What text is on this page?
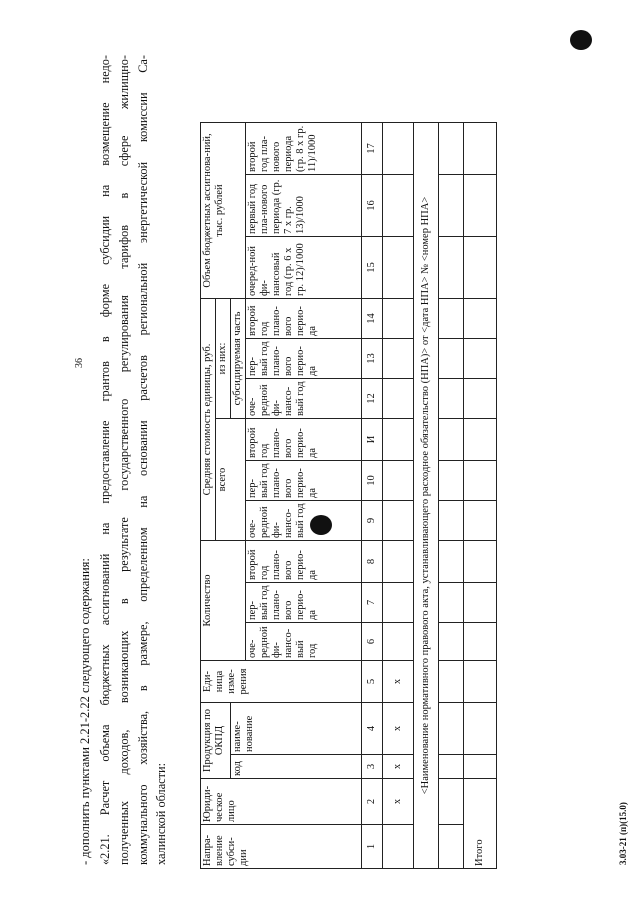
36
- дополнить пунктами 2.21-2.22 следующего содержания: «2.21. Расчет объема бюджетных ассигнований на предоставление грантов в форме субсидии на возмещение недо- полученных доходов, возникающих в результате государственного регулирования тарифов в сфере жилищно- коммунального хозяйства, в размере, определенном на основании расчетов региональной энергетической комиссии Са- халинской области:	Напра-вление субси-дии	Юриди-ческое лицо	Продукция по ОКПД		Еди-ница изме-рения	Количество			Средняя стоимость единицы, руб.						Объем бюджетных ассигнова-ний, тыс. рублей		
								всего			из них:					
		код	наиме-нование								субсидируемая часть					
					оче-редной фи-нансо-вый год	пер-вый год плано-вого перио-да	второй год плано-вого перио-да	оче-редной фи-нансо-вый год	пер-вый год плано-вого перио-да	второй год плано-вого перио-да	оче-редной фи-нансо-вый год	пер-вый год плано-вого перио-да	второй год плано-вого перио-да	очеред-ной фи-нансовый год (гр. 6 x гр. 12)/1000	первый год пла-нового периода (гр. 7 x гр. 13)/1000	второй год пла-нового периода (гр. 8 x гр. 11)/1000
1	2	3	4	5	6	7	8	9	10	И	12	13	14	15	16	17
	х	х	х	х												
<Наименование нормативного правового акта, устанавливающего расходное обязательство (НПА)> от <дата НПА> № <номер НПА>																

Итого																	3.03-21 (п)(15.0)
